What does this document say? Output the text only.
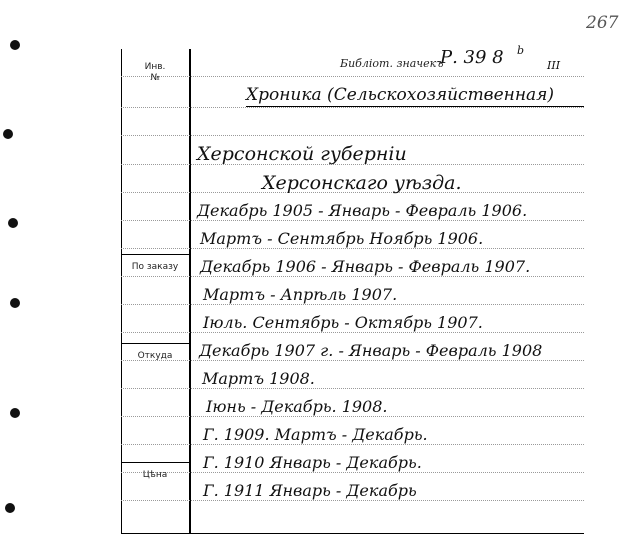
Инв.
№
По заказу
Откуда
Цѣна
267
Библіот. значекъ
Р. 39 8 b
III
Хроника (Сельскохозяйственная)
Херсонской губерніи
Херсонскаго уѣзда.
Декабрь 1905 - Январь - Февраль 1906.
Мартъ - Сентябрь Ноябрь 1906.
Декабрь 1906 - Январь - Февраль 1907.
Мартъ - Апрѣль 1907.
Іюль. Сентябрь - Октябрь 1907.
Декабрь 1907 г. - Январь - Февраль 1908
Мартъ 1908.
Іюнь - Декабрь. 1908.
Г. 1909. Мартъ - Декабрь.
Г. 1910 Январь - Декабрь.
Г. 1911 Январь - Декабрь
